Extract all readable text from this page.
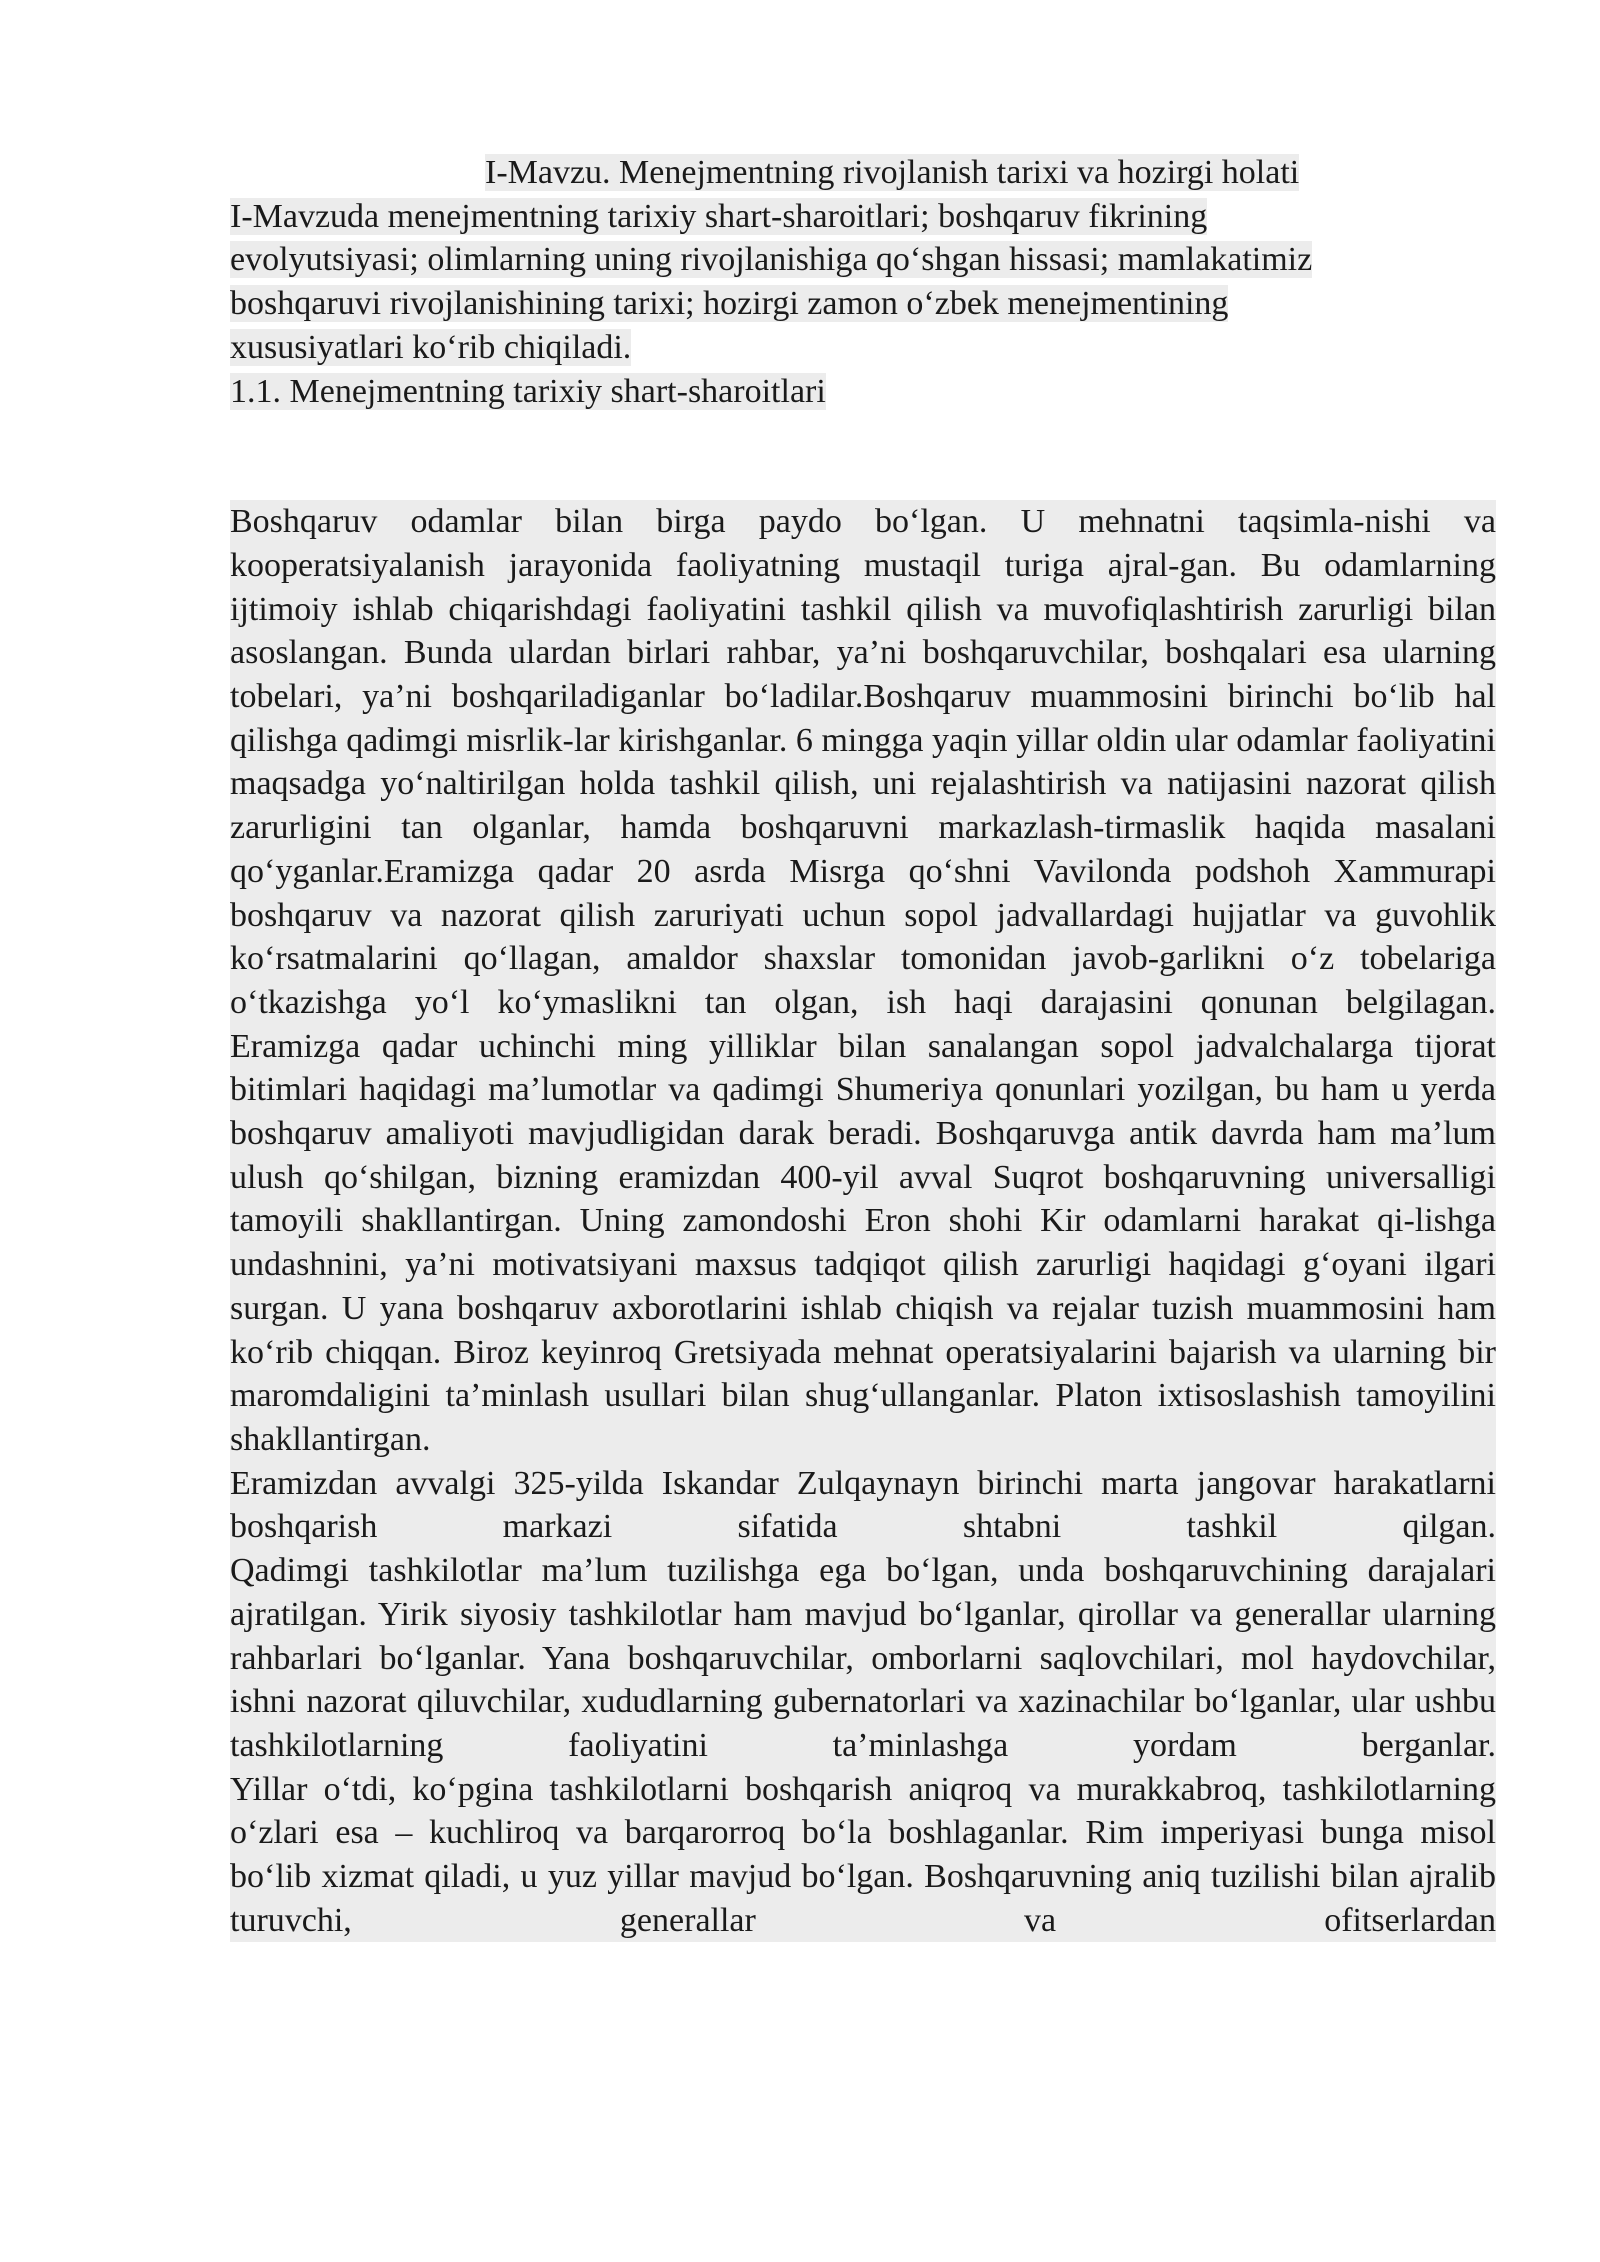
I-Mavzu. Menejmentning rivojlanish tarixi va hozirgi holati
I-Mavzuda menejmentning tarixiy shart-sharoitlari; boshqaruv fikrining
evolyutsiyasi; olimlarning uning rivojlanishiga qo‘shgan hissasi; mamlakatimiz
boshqaruvi rivojlanishining tarixi; hozirgi zamon o‘zbek menejmentining
xususiyatlari ko‘rib chiqiladi.
1.1. Menejmentning tarixiy shart-sharoitlari

Boshqaruv odamlar bilan birga paydo bo‘lgan. U mehnatni taqsimla-nishi va kooperatsiyalanish jarayonida faoliyatning mustaqil turiga ajral-gan. Bu odamlarning ijtimoiy ishlab chiqarishdagi faoliyatini tashkil qilish va muvofiqlashtirish zarurligi bilan asoslangan. Bunda ulardan birlari rahbar, ya’ni boshqaruvchilar, boshqalari esa ularning tobelari, ya’ni boshqariladiganlar bo‘ladilar.Boshqaruv muammosini birinchi bo‘lib hal qilishga qadimgi misrlik-lar kirishganlar. 6 mingga yaqin yillar oldin ular odamlar faoliyatini maqsadga yo‘naltirilgan holda tashkil qilish, uni rejalashtirish va natijasini nazorat qilish zarurligini tan olganlar, hamda boshqaruvni markazlash-tirmaslik haqida masalani qo‘yganlar.Eramizga qadar 20 asrda Misrga qo‘shni Vavilonda podshoh Xammurapi boshqaruv va nazorat qilish zaruriyati uchun sopol jadvallardagi hujjatlar va guvohlik ko‘rsatmalarini qo‘llagan, amaldor shaxslar tomonidan javob-garlikni o‘z tobelariga o‘tkazishga yo‘l ko‘ymaslikni tan olgan, ish haqi darajasini qonunan belgilagan.

Eramizga qadar uchinchi ming yilliklar bilan sanalangan sopol jadvalchalarga tijorat bitimlari haqidagi ma’lumotlar va qadimgi Shumeriya qonunlari yozilgan, bu ham u yerda boshqaruv amaliyoti mavjudligidan darak beradi. Boshqaruvga antik davrda ham ma’lum ulush qo‘shilgan, bizning eramizdan 400-yil avval Suqrot boshqaruvning universalligi tamoyili shakllantirgan. Uning zamondoshi Eron shohi Kir odamlarni harakat qi-lishga undashnini, ya’ni motivatsiyani maxsus tadqiqot qilish zarurligi haqidagi g‘oyani ilgari surgan. U yana boshqaruv axborotlarini ishlab chiqish va rejalar tuzish muammosini ham ko‘rib chiqqan. Biroz keyinroq Gretsiyada mehnat operatsiyalarini bajarish va ularning bir maromdaligini ta’minlash usullari bilan shug‘ullanganlar. Platon ixtisoslashish tamoyilini shakllantirgan.

Eramizdan avvalgi 325-yilda Iskandar Zulqaynayn birinchi marta jangovar harakatlarni boshqarish markazi sifatida shtabni tashkil qilgan.

Qadimgi tashkilotlar ma’lum tuzilishga ega bo‘lgan, unda boshqaruvchining darajalari ajratilgan. Yirik siyosiy tashkilotlar ham mavjud bo‘lganlar, qirollar va generallar ularning rahbarlari bo‘lganlar. Yana boshqaruvchilar, omborlarni saqlovchilari, mol haydovchilar, ishni nazorat qiluvchilar, xududlarning gubernatorlari va xazinachilar bo‘lganlar, ular ushbu tashkilotlarning faoliyatini ta’minlashga yordam berganlar.

Yillar o‘tdi, ko‘pgina tashkilotlarni boshqarish aniqroq va murakkabroq, tashkilotlarning o‘zlari esa – kuchliroq va barqarorroq bo‘la boshlaganlar. Rim imperiyasi bunga misol bo‘lib xizmat qiladi, u yuz yillar mavjud bo‘lgan. Boshqaruvning aniq tuzilishi bilan ajralib turuvchi, generallar va ofitserlardan
